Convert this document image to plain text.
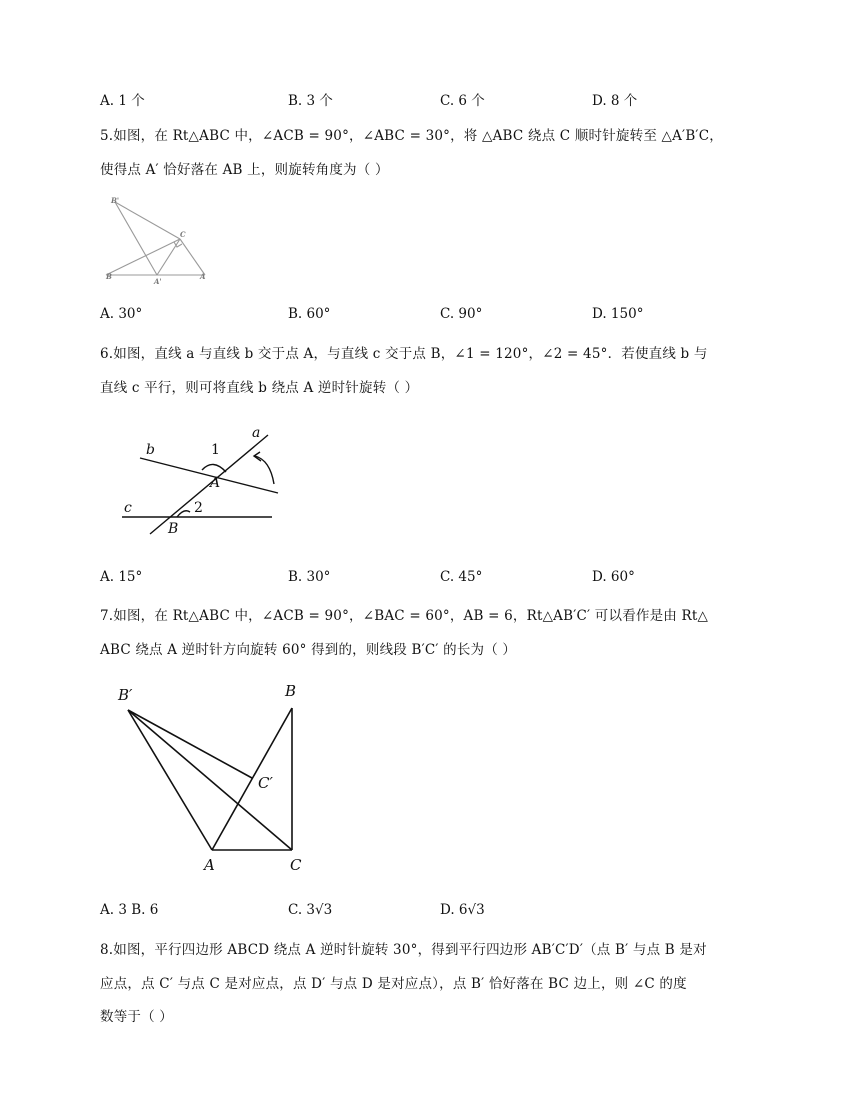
A. 1 个	B. 3 个	C. 6 个	D. 8 个
5.如图，在 Rt△ABC 中，∠ACB = 90°，∠ABC = 30°，将 △ABC 绕点 C 顺时针旋转至 △A′B′C，
使得点 A′ 恰好落在 AB 上，则旋转角度为（ ）
B'
C
B
A'
A
A. 30°	B. 60°	C. 90°	D. 150°
6.如图，直线 a 与直线 b 交于点 A，与直线 c 交于点 B，∠1 = 120°，∠2 = 45°．若使直线 b 与
直线 c 平行，则可将直线 b 绕点 A 逆时针旋转（ ）
a
b
c
A
B
1
2
A. 15°	B. 30°	C. 45°	D. 60°
7.如图，在 Rt△ABC 中，∠ACB = 90°，∠BAC = 60°，AB = 6，Rt△AB′C′ 可以看作是由 Rt△
ABC 绕点 A 逆时针方向旋转 60° 得到的，则线段 B′C′ 的长为（ ）
B′	B
C′
A	C
A. 3 B. 6	C. 3√3	D. 6√3
8.如图，平行四边形 ABCD 绕点 A 逆时针旋转 30°，得到平行四边形 AB′C′D′（点 B′ 与点 B 是对
应点，点 C′ 与点 C 是对应点，点 D′ 与点 D 是对应点），点 B′ 恰好落在 BC 边上，则 ∠C 的度
数等于（ ）
